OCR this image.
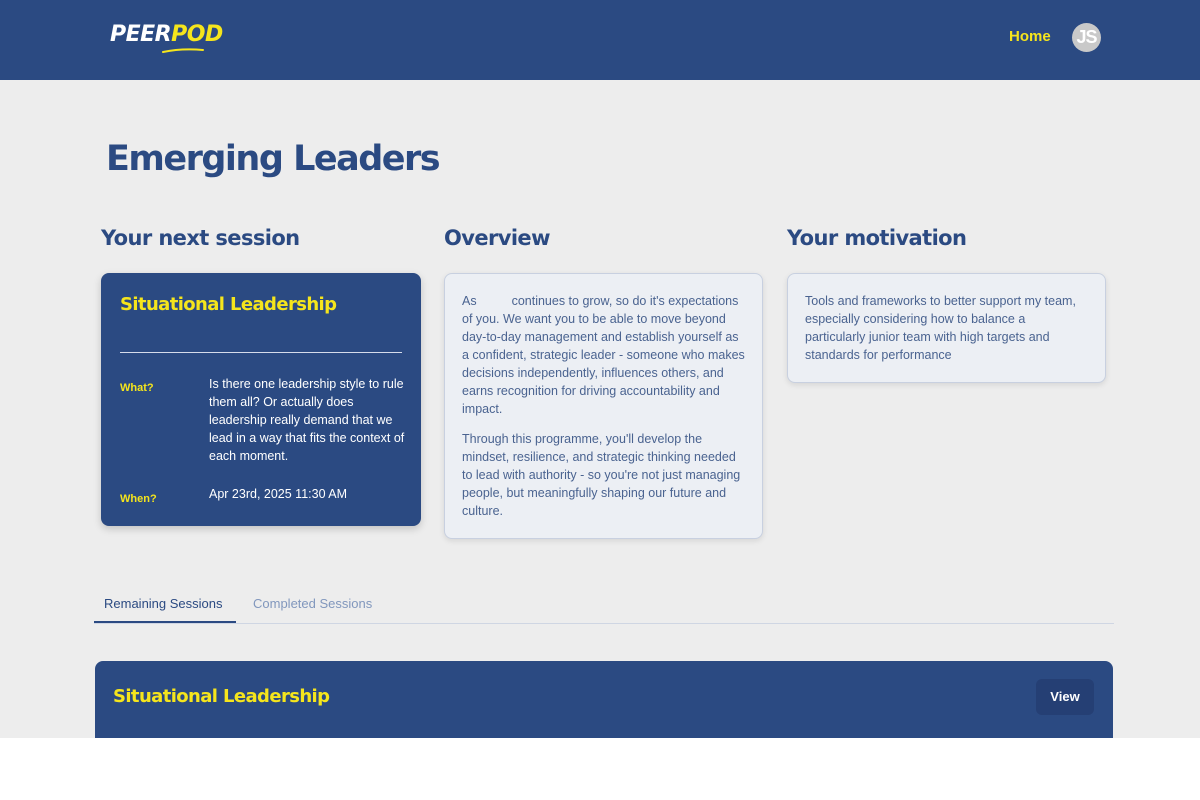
PEERPOD	Home JS
Emerging Leaders
Your next session	Overview	Your motivation
Situational Leadership
What?	Is there one leadership style to rule them all? Or actually does leadership really demand that we lead in a way that fits the context of each moment.
When?	Apr 23rd, 2025 11:30 AM

As	continues to grow, so do it's expectations of you. We want you to be able to move beyond day-to-day management and establish yourself as a confident, strategic leader - someone who makes decisions independently, influences others, and earns recognition for driving accountability and impact.

Through this programme, you'll develop the mindset, resilience, and strategic thinking needed to lead with authority - so you're not just managing people, but meaningfully shaping our future and culture.

Tools and frameworks to better support my team, especially considering how to balance a particularly junior team with high targets and standards for performance

Remaining Sessions Completed Sessions
Situational Leadership	View
